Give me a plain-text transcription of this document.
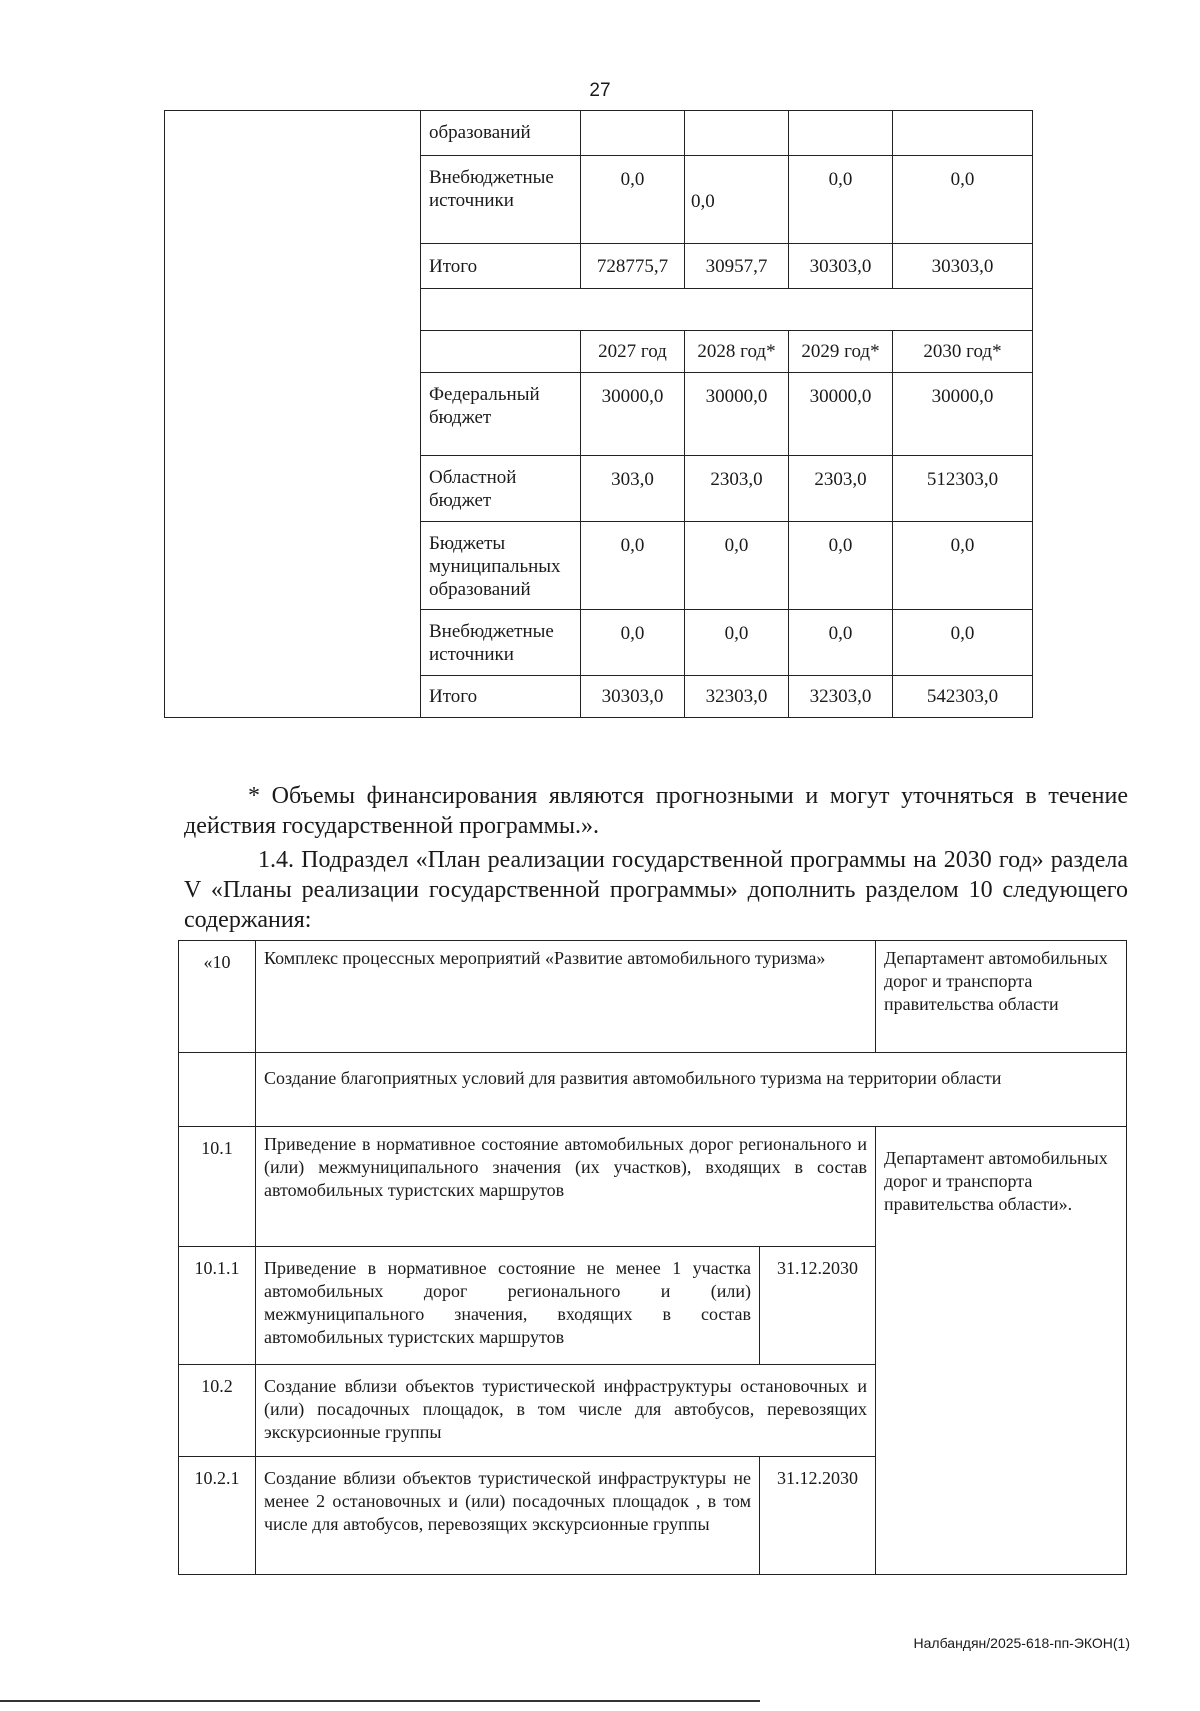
27
	образований				
	Внебюджетные источники	0,0	0,0	0,0	0,0
	Итого	728775,7	30957,7	30303,0	30303,0

		2027 год	2028 год*	2029 год*	2030 год*
	Федеральный бюджет	30000,0	30000,0	30000,0	30000,0
	Областной бюджет	303,0	2303,0	2303,0	512303,0
	Бюджеты муниципальных образований	0,0	0,0	0,0	0,0
	Внебюджетные источники	0,0	0,0	0,0	0,0
	Итого	30303,0	32303,0	32303,0	542303,0
* Объемы финансирования являются прогнозными и могут уточняться в течение действия государственной программы.».
1.4. Подраздел «План реализации государственной программы на 2030 год» раздела V «Планы реализации государственной программы» дополнить разделом 10 следующего содержания:
«10	Комплекс процессных мероприятий «Развитие автомобильного туризма»		Департамент автомобильных дорог и транспорта правительства области
	Создание благоприятных условий для развития автомобильного туризма на территории области		
10.1	Приведение в нормативное состояние автомобильных дорог регионального и (или) межмуниципального значения (их участков), входящих в состав автомобильных туристских маршрутов		Департамент автомобильных дорог и транспорта правительства области».
10.1.1	Приведение в нормативное состояние не менее 1 участка автомобильных дорог регионального и (или) межмуниципального значения, входящих в состав автомобильных туристских маршрутов	31.12.2030	
10.2	Создание вблизи объектов туристической инфраструктуры остановочных и (или) посадочных площадок, в том числе для автобусов, перевозящих экскурсионные группы		
10.2.1	Создание вблизи объектов туристической инфраструктуры не менее 2 остановочных и (или) посадочных площадок , в том числе для автобусов, перевозящих экскурсионные группы	31.12.2030	
Налбандян/2025-618-пп-ЭКОН(1)
